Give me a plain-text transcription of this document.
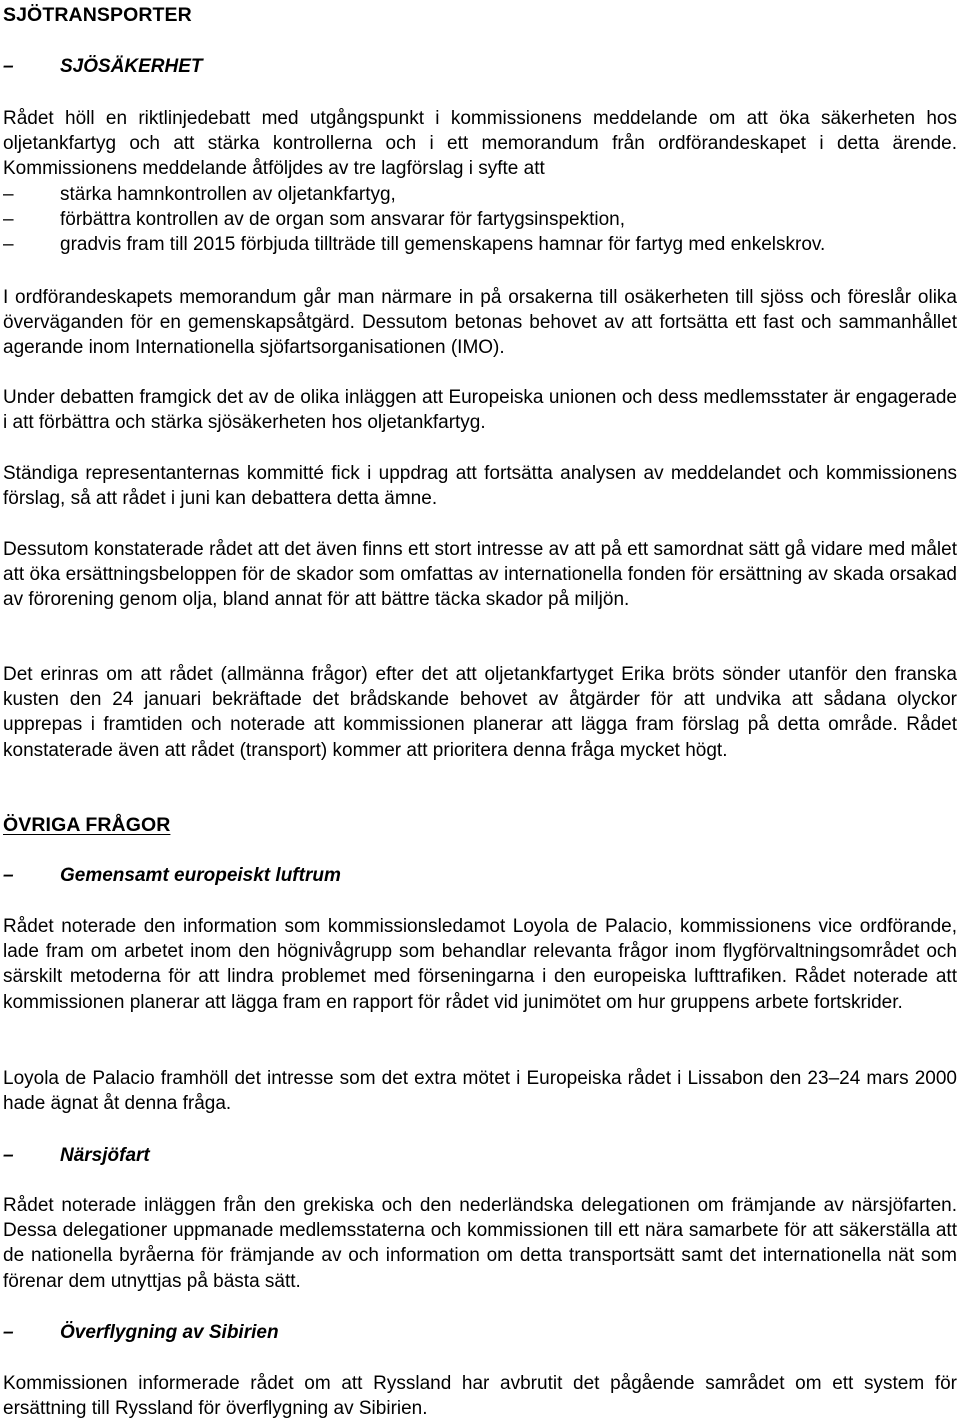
SJÖTRANSPORTER
–	SJÖSÄKERHET
Rådet höll en riktlinjedebatt med utgångspunkt i kommissionens meddelande om att öka säkerheten hos oljetankfartyg och att stärka kontrollerna och i ett memorandum från ordförandeskapet i detta ärende. Kommissionens meddelande åtföljdes av tre lagförslag i syfte att
– stärka hamnkontrollen av oljetankfartyg,
– förbättra kontrollen av de organ som ansvarar för fartygsinspektion,
– gradvis fram till 2015 förbjuda tillträde till gemenskapens hamnar för fartyg med enkelskrov.
I ordförandeskapets memorandum går man närmare in på orsakerna till osäkerheten till sjöss och föreslår olika överväganden för en gemenskapsåtgärd. Dessutom betonas behovet av att fortsätta ett fast och sammanhållet agerande inom Internationella sjöfartsorganisationen (IMO).
Under debatten framgick det av de olika inläggen att Europeiska unionen och dess medlemsstater är engagerade i att förbättra och stärka sjösäkerheten hos oljetankfartyg.
Ständiga representanternas kommitté fick i uppdrag att fortsätta analysen av meddelandet och kommissionens förslag, så att rådet i juni kan debattera detta ämne.
Dessutom konstaterade rådet att det även finns ett stort intresse av att på ett samordnat sätt gå vidare med målet att öka ersättningsbeloppen för de skador som omfattas av internationella fonden för ersättning av skada orsakad av förorening genom olja, bland annat för att bättre täcka skador på miljön.
Det erinras om att rådet (allmänna frågor) efter det att oljetankfartyget Erika bröts sönder utanför den franska kusten den 24 januari bekräftade det brådskande behovet av åtgärder för att undvika att sådana olyckor upprepas i framtiden och noterade att kommissionen planerar att lägga fram förslag på detta område. Rådet konstaterade även att rådet (transport) kommer att prioritera denna fråga mycket högt.
ÖVRIGA FRÅGOR
–	Gemensamt europeiskt luftrum
Rådet noterade den information som kommissionsledamot Loyola de Palacio, kommissionens vice ordförande, lade fram om arbetet inom den högnivågrupp som behandlar relevanta frågor inom flygförvaltningsområdet och särskilt metoderna för att lindra problemet med förseningarna i den europeiska lufttrafiken. Rådet noterade att kommissionen planerar att lägga fram en rapport för rådet vid junimötet om hur gruppens arbete fortskrider.
Loyola de Palacio framhöll det intresse som det extra mötet i Europeiska rådet i Lissabon den 23–24 mars 2000 hade ägnat åt denna fråga.
–	Närsjöfart
Rådet noterade inläggen från den grekiska och den nederländska delegationen om främjande av närsjöfarten. Dessa delegationer uppmanade medlemsstaterna och kommissionen till ett nära samarbete för att säkerställa att de nationella byråerna för främjande av och information om detta transportsätt samt det internationella nät som förenar dem utnyttjas på bästa sätt.
–	Överflygning av Sibirien
Kommissionen informerade rådet om att Ryssland har avbrutit det pågående samrådet om ett system för ersättning till Ryssland för överflygning av Sibirien.
